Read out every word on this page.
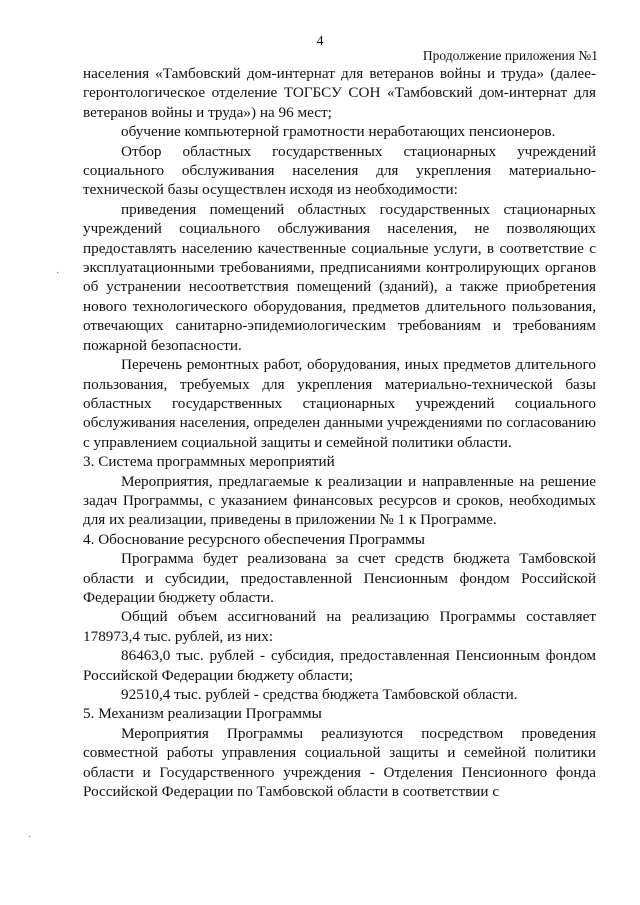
4
Продолжение приложения №1

населения «Тамбовский дом-интернат для ветеранов войны и труда» (далее- геронтологическое отделение ТОГБСУ СОН «Тамбовский дом-интернат для ветеранов войны и труда») на 96 мест;

обучение компьютерной грамотности неработающих пенсионеров.

Отбор областных государственных стационарных учреждений социального обслуживания населения для укрепления материально-технической базы осуществлен исходя из необходимости:

приведения помещений областных государственных стационарных учреждений социального обслуживания населения, не позволяющих предоставлять населению качественные социальные услуги, в соответствие с эксплуатационными требованиями, предписаниями контролирующих органов об устранении несоответствия помещений (зданий), а также приобретения нового технологического оборудования, предметов длительного пользования, отвечающих санитарно-эпидемиологическим требованиям и требованиям пожарной безопасности.

Перечень ремонтных работ, оборудования, иных предметов длительного пользования, требуемых для укрепления материально-технической базы областных государственных стационарных учреждений социального обслуживания населения, определен данными учреждениями по согласованию с управлением социальной защиты и семейной политики области.

3. Система программных мероприятий

Мероприятия, предлагаемые к реализации и направленные на решение задач Программы, с указанием финансовых ресурсов и сроков, необходимых для их реализации, приведены в приложении № 1 к Программе.

4. Обоснование ресурсного обеспечения Программы

Программа будет реализована за счет средств бюджета Тамбовской области и субсидии, предоставленной Пенсионным фондом Российской Федерации бюджету области.

Общий объем ассигнований на реализацию Программы составляет 178973,4 тыс. рублей, из них:

86463,0 тыс. рублей - субсидия, предоставленная Пенсионным фондом Российской Федерации бюджету области;

92510,4 тыс. рублей - средства бюджета Тамбовской области.

5. Механизм реализации Программы

Мероприятия Программы реализуются посредством проведения совместной работы управления социальной защиты и семейной политики области и Государственного учреждения - Отделения Пенсионного фонда Российской Федерации по Тамбовской области в соответствии с

·
·
